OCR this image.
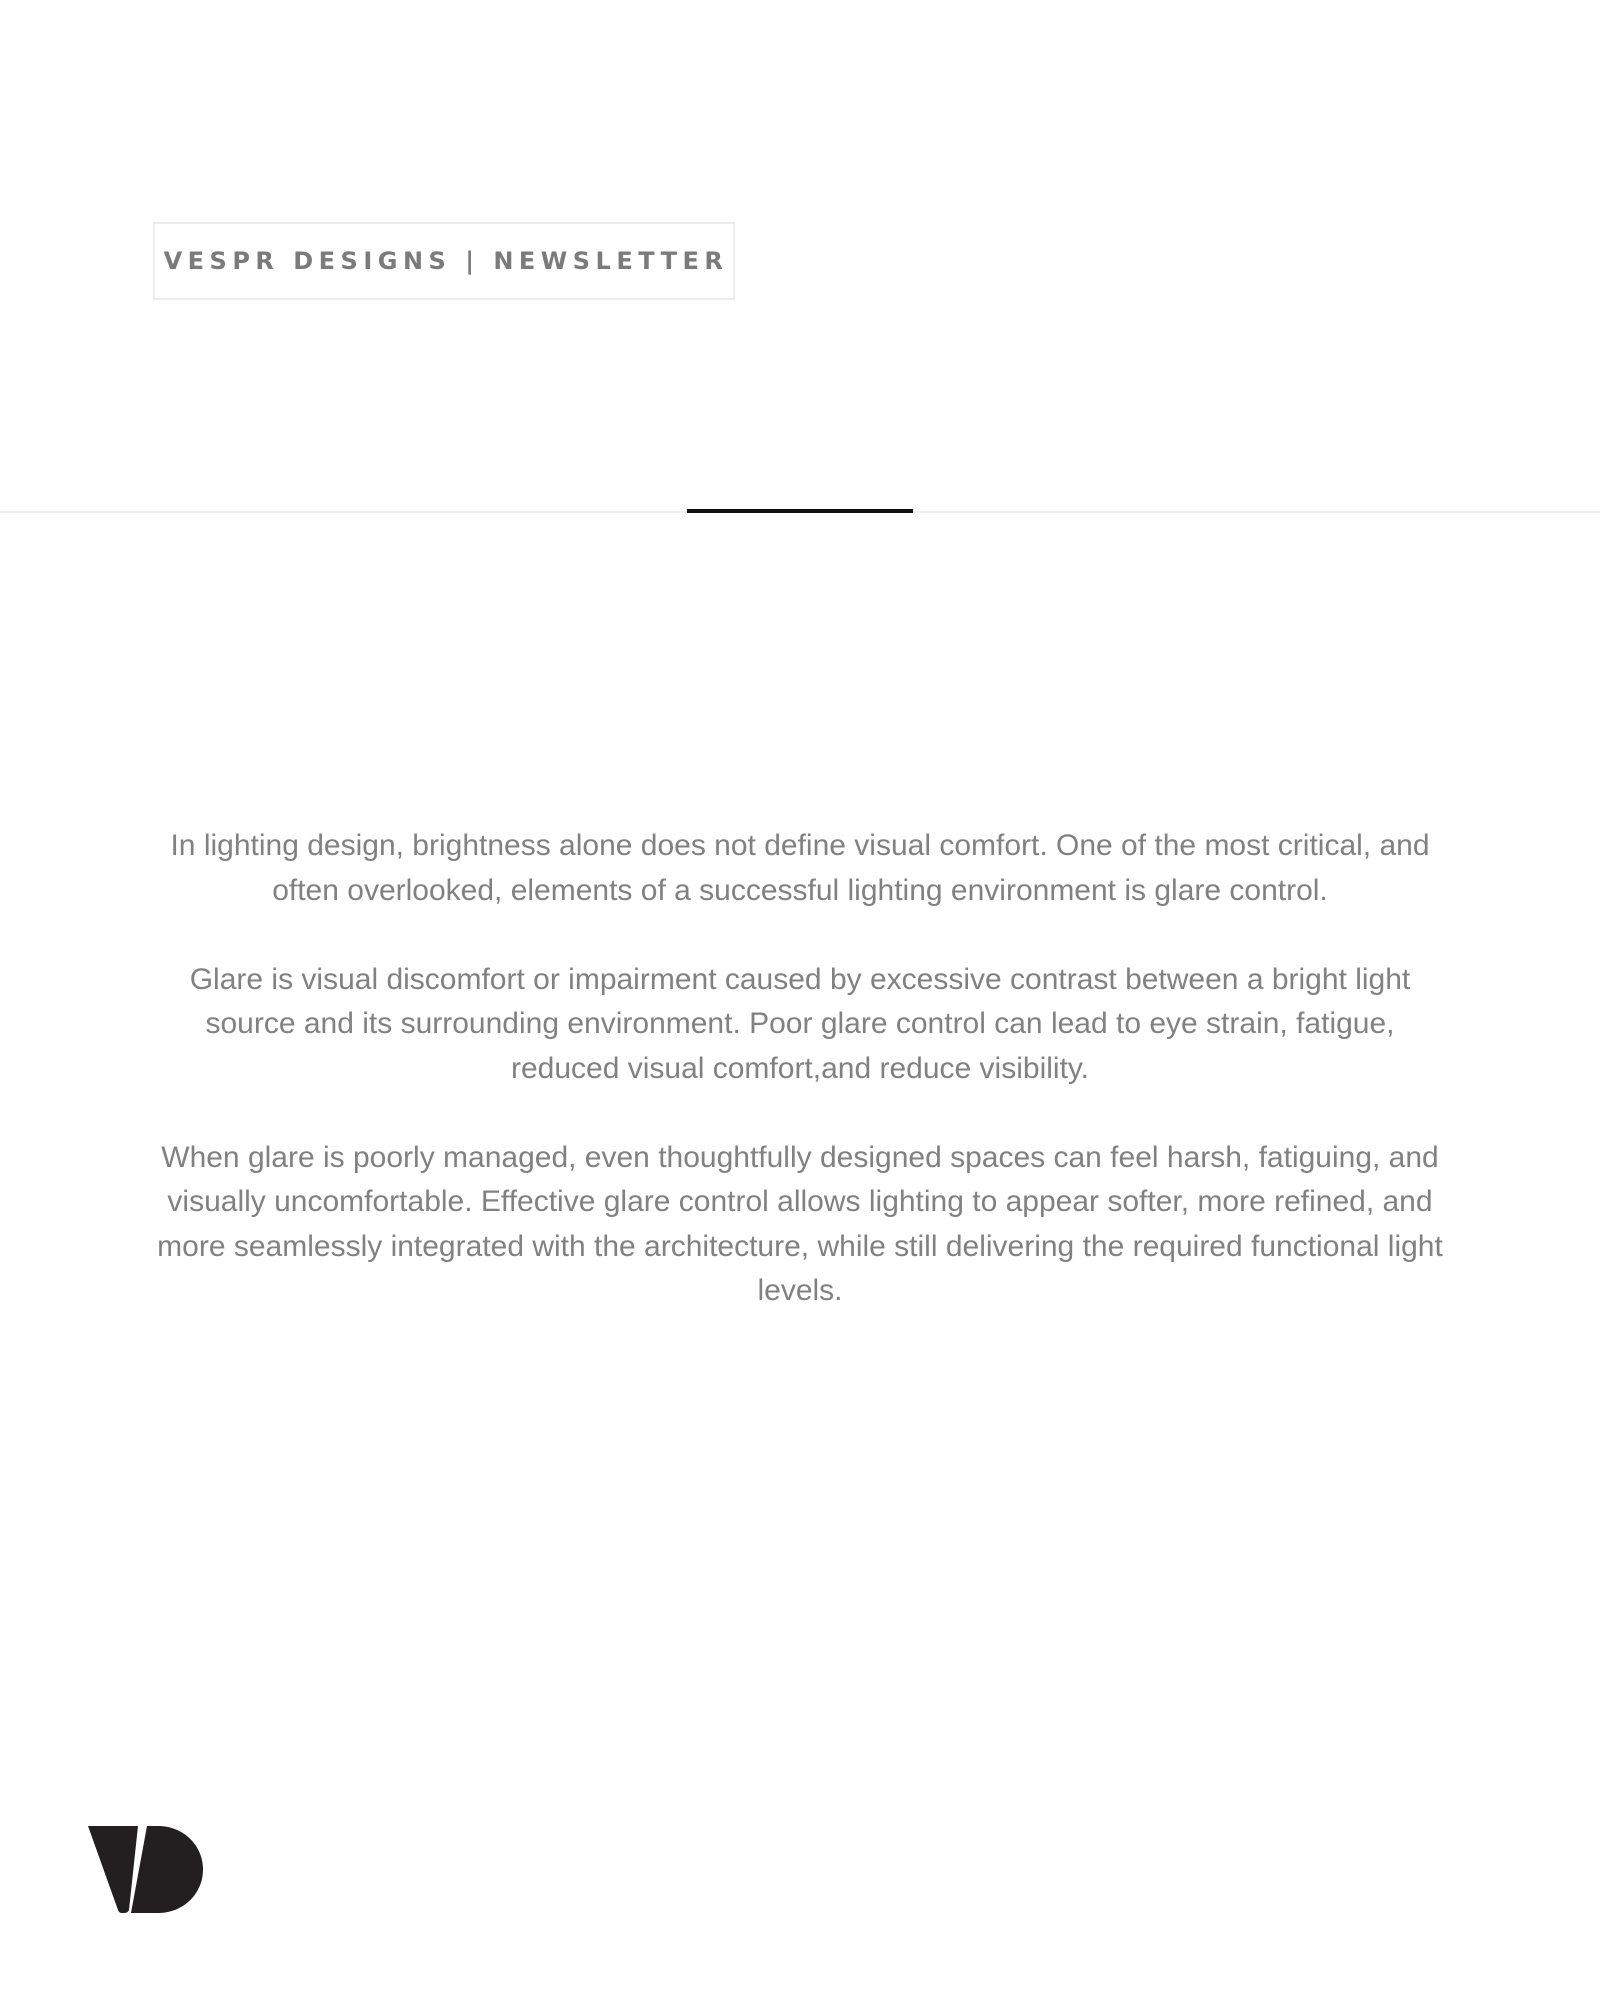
VESPR DESIGNS | NEWSLETTER

In lighting design, brightness alone does not define visual comfort. One of the most critical, and often overlooked, elements of a successful lighting environment is glare control.

Glare is visual discomfort or impairment caused by excessive contrast between a bright light source and its surrounding environment. Poor glare control can lead to eye strain, fatigue, reduced visual comfort,and reduce visibility.

When glare is poorly managed, even thoughtfully designed spaces can feel harsh, fatiguing, and visually uncomfortable. Effective glare control allows lighting to appear softer, more refined, and more seamlessly integrated with the architecture, while still delivering the required functional light levels.
